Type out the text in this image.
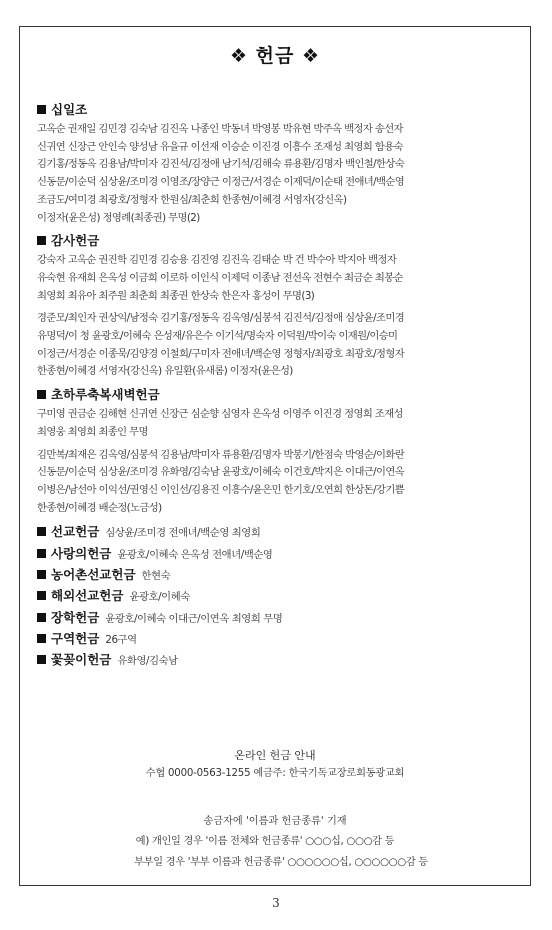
❖ 헌금 ❖
십일조
고옥순 권재일 김민경 김숙남 김진옥 나종인 박동녀 박영봉 박유현 박주옥 백정자 송선자
신귀연 신장근 안인숙 양성남 유을규 이선재 이승순 이진경 이흥수 조재성 최영희 함용숙
김기홍/정동옥 김용남/박미자 김진석/김정애 남기석/김해숙 류용환/김명자 백인철/한상숙
신동문/이순덕 심상윤/조미경 이영조/장양근 이정근/서경순 이제덕/이순태 전애녀/백순영
조금도/여미경 최광호/정형자 한원심/최춘희 한종현/이혜경 서영자(강신옥)
이정자(윤은성) 정영례(최종권) 무명(2)
감사헌금
강숙자 고옥순 권진학 김민경 김승용 김진영 김진옥 김태순 박 건 박수아 박지아 백정자
유숙현 유재희 은옥성 이금희 이로하 이인식 이제덕 이종남 전선옥 전현수 최금순 최봉순
최영희 최유아 최주원 최춘희 최종권 한상숙 한은자 홍성이 무명(3)
경준모/최인자 권상익/남정숙 김기홍/정동옥 김옥영/심봉석 김진석/김정애 심상윤/조미경
유명덕/이 청 윤광호/이혜숙 은성재/유은수 이기석/명숙자 이덕원/박이숙 이재원/이승미
이정근/서경순 이종묵/김양경 이철희/구미자 전애녀/백순영 정형자/최광호 최광호/정형자
한종현/이혜경 서영자(강신옥) 유일환(유새롬) 이정자(윤은성)
초하루축복새벽헌금
구미영 권금순 김해현 신귀연 신장근 심순향 심영자 은옥성 이영주 이진경 정영희 조재성
최영웅 최영희 최종인 무명
김만복/최재은 김옥영/심봉석 김용남/박미자 류용환/김명자 박봉기/한점숙 박영순/이화란
신동문/이순덕 심상윤/조미경 유화영/김숙남 윤광호/이혜숙 이건호/박지은 이대근/이연옥
이병은/남선아 이익선/권영신 이인선/김용진 이흥수/윤은민 한기호/오연희 한상돈/강기쁨
한종현/이혜경 배순정(노금성)
선교헌금 심상윤/조미경 전애녀/백순영 최영희
사랑의헌금 윤광호/이혜숙 은옥성 전애녀/백순영
농어촌선교헌금 한현숙
해외선교헌금 윤광호/이혜숙
장학헌금 윤광호/이혜숙 이대근/이연옥 최영희 무명
구역헌금 26구역
꽃꽂이헌금 유화영/김숙남
온라인 헌금 안내
수협 0000-0563-1255 예금주: 한국기독교장로회동광교회
송금자에 '이름과 헌금종류' 기재
예) 개인일 경우 '이름 전체와 헌금종류' ○○○십, ○○○감 등
부부일 경우 '부부 이름과 헌금종류' ○○○○○○십, ○○○○○○감 등
3
